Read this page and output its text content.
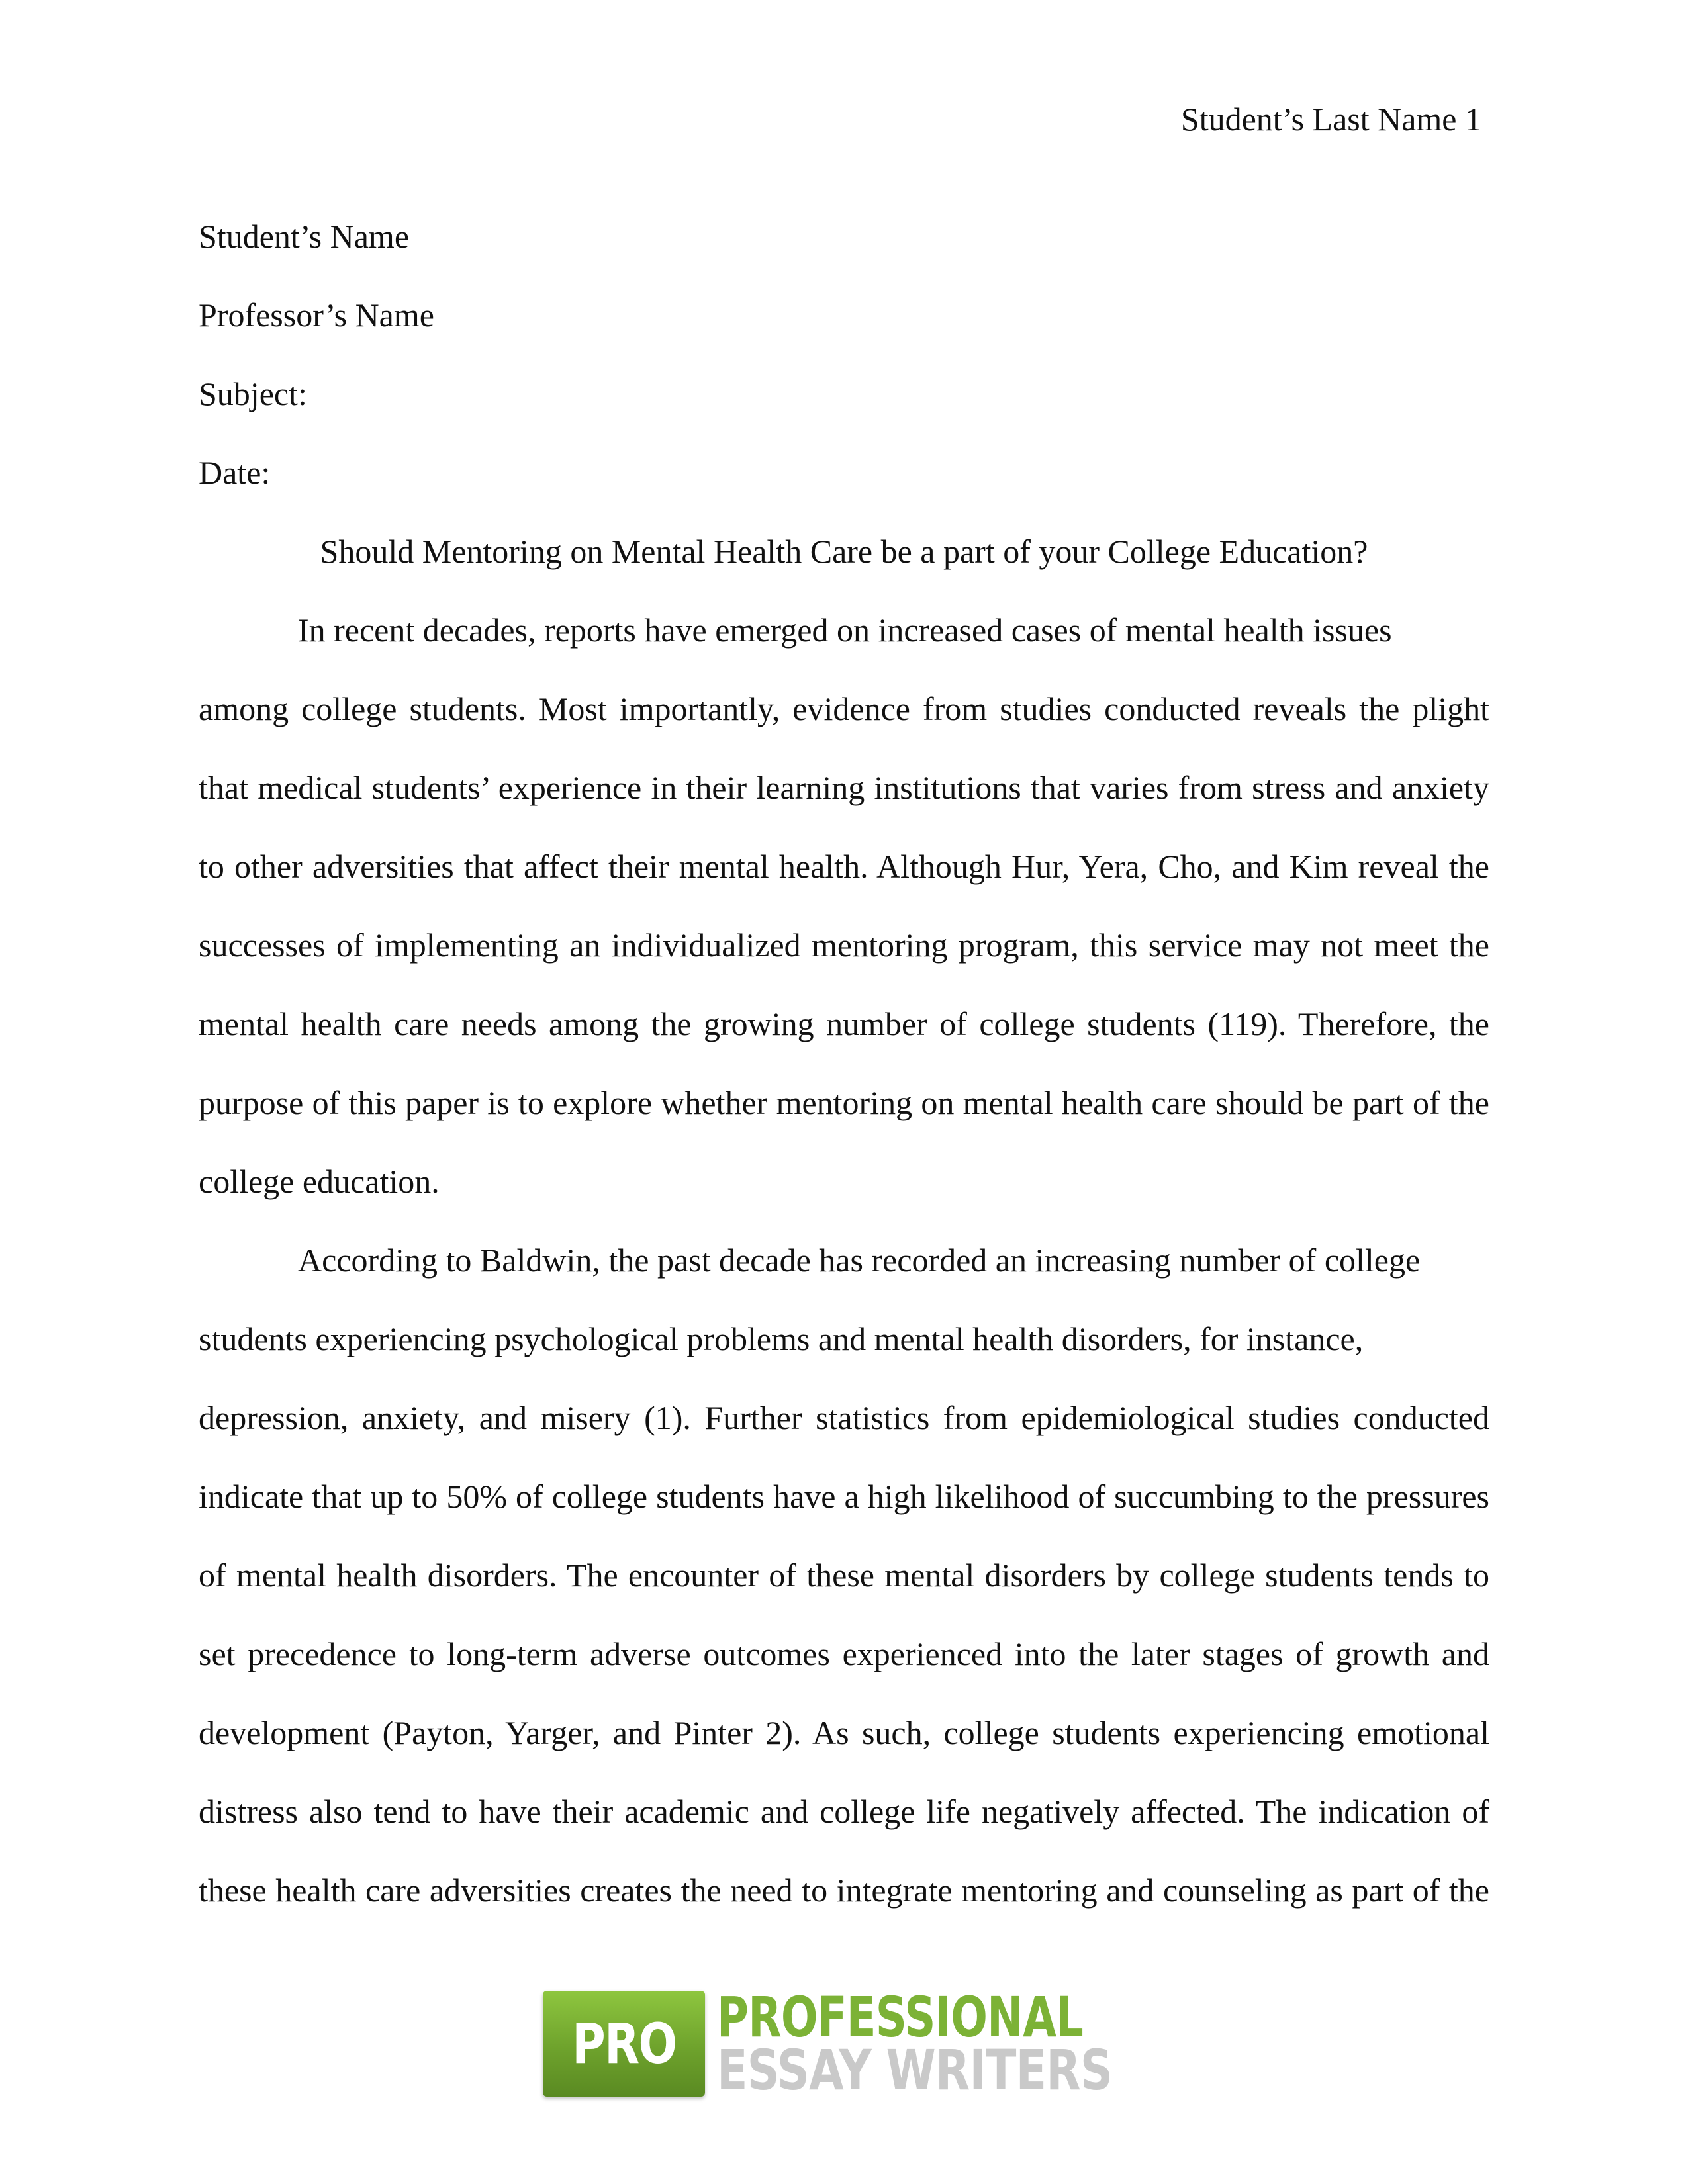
Student’s Last Name 1
Student’s Name
Professor’s Name
Subject:
Date:
Should Mentoring on Mental Health Care be a part of your College Education?
In recent decades, reports have emerged on increased cases of mental health issues
among college students. Most importantly, evidence from studies conducted reveals the plight
that medical students’ experience in their learning institutions that varies from stress and anxiety
to other adversities that affect their mental health. Although Hur, Yera, Cho, and Kim reveal the
successes of implementing an individualized mentoring program, this service may not meet the
mental health care needs among the growing number of college students (119). Therefore, the
purpose of this paper is to explore whether mentoring on mental health care should be part of the
college education.
According to Baldwin, the past decade has recorded an increasing number of college
students experiencing psychological problems and mental health disorders, for instance,
depression, anxiety, and misery (1). Further statistics from epidemiological studies conducted
indicate that up to 50% of college students have a high likelihood of succumbing to the pressures
of mental health disorders. The encounter of these mental disorders by college students tends to
set precedence to long-term adverse outcomes experienced into the later stages of growth and
development (Payton, Yarger, and Pinter 2). As such, college students experiencing emotional
distress also tend to have their academic and college life negatively affected. The indication of
these health care adversities creates the need to integrate mentoring and counseling as part of the
PRO PROFESSIONAL
ESSAY WRITERS
